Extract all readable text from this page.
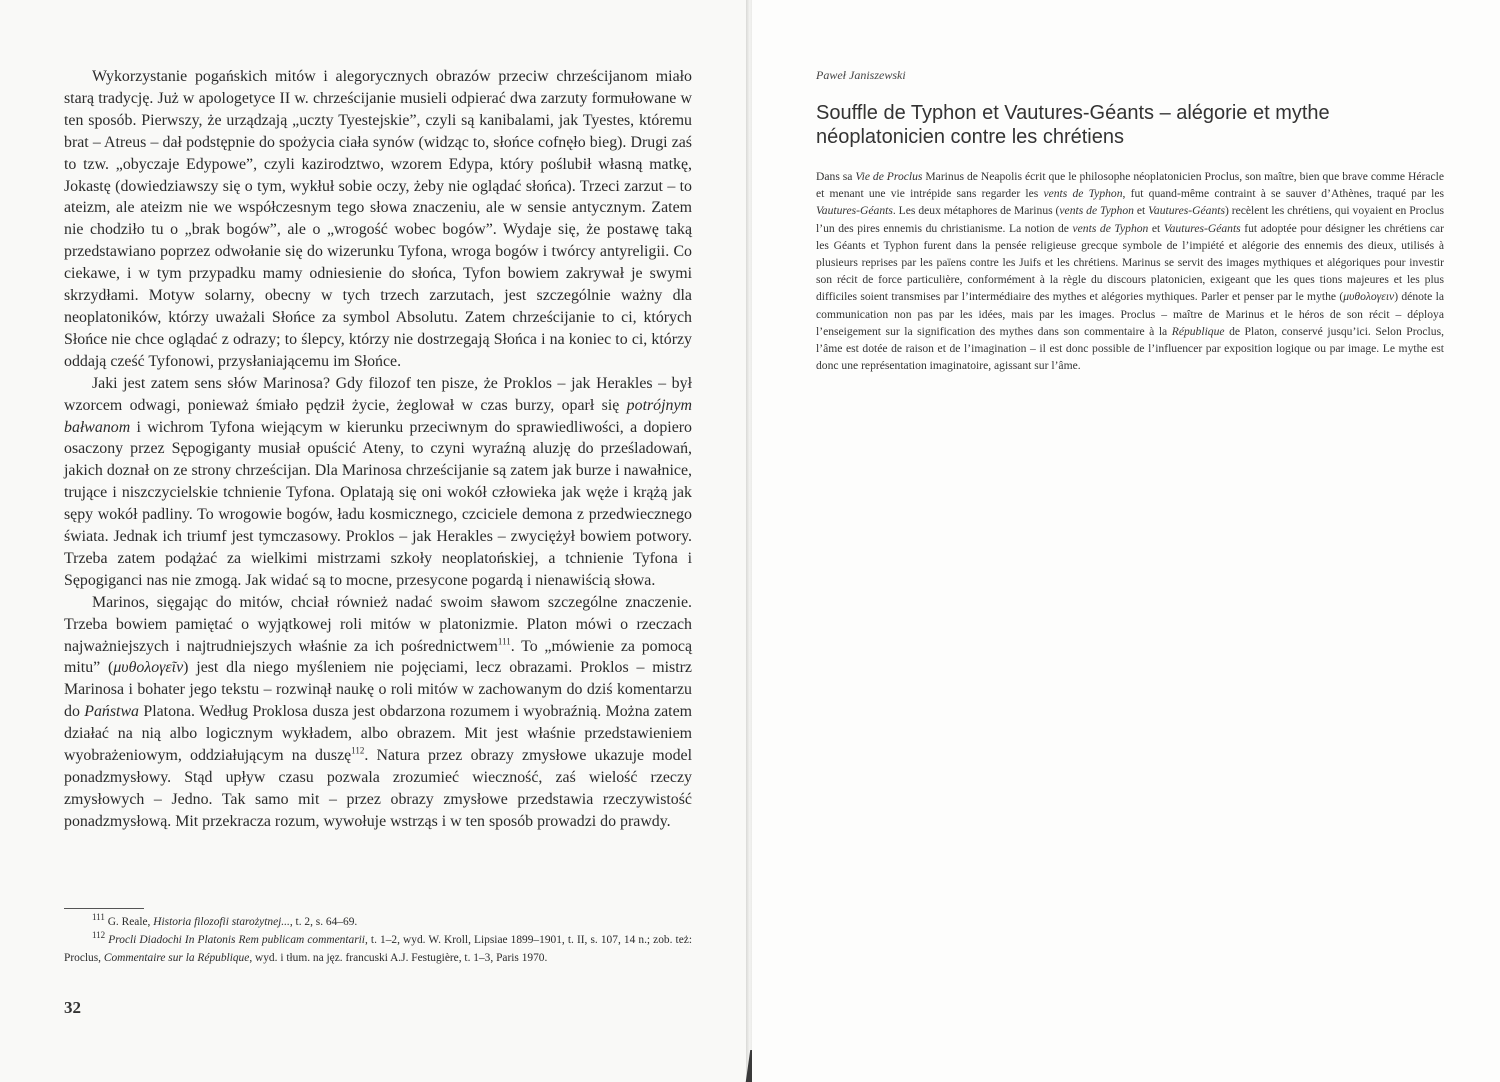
Wykorzystanie pogańskich mitów i alegorycznych obrazów przeciw chrześcijanom miało starą tradycję. Już w apologetyce II w. chrześcijanie musieli odpierać dwa zarzuty formułowane w ten sposób. Pierwszy, że urządzają „uczty Tyestejskie”, czyli są kanibalami, jak Tyestes, któremu brat – Atreus – dał podstępnie do spożycia ciała synów (widząc to, słońce cofnęło bieg). Drugi zaś to tzw. „obyczaje Edypowe”, czyli kazirodztwo, wzorem Edypa, który poślubił własną matkę, Jokastę (dowiedziawszy się o tym, wykłuł sobie oczy, żeby nie oglądać słońca). Trzeci zarzut – to ateizm, ale ateizm nie we współczesnym tego słowa znaczeniu, ale w sensie antycznym. Zatem nie chodziło tu o „brak bogów”, ale o „wrogość wobec bogów”. Wydaje się, że postawę taką przedstawiano poprzez odwołanie się do wizerunku Tyfona, wroga bogów i twórcy antyreligii. Co ciekawe, i w tym przypadku mamy odniesienie do słońca, Tyfon bowiem zakrywał je swymi skrzydłami. Motyw solarny, obecny w tych trzech zarzutach, jest szczególnie ważny dla neoplatoników, którzy uważali Słońce za symbol Absolutu. Zatem chrześcijanie to ci, których Słońce nie chce oglądać z odrazy; to ślepcy, którzy nie dostrzegają Słońca i na koniec to ci, którzy oddają cześć Tyfonowi, przysłaniającemu im Słońce.

Jaki jest zatem sens słów Marinosa? Gdy filozof ten pisze, że Proklos – jak Herakles – był wzorcem odwagi, ponieważ śmiało pędził życie, żeglował w czas burzy, oparł się potrójnym bałwanom i wichrom Tyfona wiejącym w kierunku przeciwnym do sprawiedliwości, a dopiero osaczony przez Sępogiganty musiał opuścić Ateny, to czyni wyraźną aluzję do prześladowań, jakich doznał on ze strony chrześcijan. Dla Marinosa chrześcijanie są zatem jak burze i nawałnice, trujące i niszczycielskie tchnienie Tyfona. Oplatają się oni wokół człowieka jak węże i krążą jak sępy wokół padliny. To wrogowie bogów, ładu kosmicznego, czciciele demona z przedwiecznego świata. Jednak ich triumf jest tymczasowy. Proklos – jak Herakles – zwyciężył bowiem potwory. Trzeba zatem podążać za wielkimi mistrzami szkoły neoplatońskiej, a tchnienie Tyfona i Sępogiganci nas nie zmogą. Jak widać są to mocne, przesycone pogardą i nienawiścią słowa.

Marinos, sięgając do mitów, chciał również nadać swoim sławom szczególne znaczenie. Trzeba bowiem pamiętać o wyjątkowej roli mitów w platonizmie. Platon mówi o rzeczach najważniejszych i najtrudniejszych właśnie za ich pośrednictwem$^{111}$. To „mówienie za pomocą mitu” (μυθολογεῖν) jest dla niego myśleniem nie pojęciami, lecz obrazami. Proklos – mistrz Marinosa i bohater jego tekstu – rozwinął naukę o roli mitów w zachowanym do dziś komentarzu do Państwa Platona. Według Proklosa dusza jest obdarzona rozumem i wyobraźnią. Można zatem działać na nią albo logicznym wykładem, albo obrazem. Mit jest właśnie przedstawieniem wyobrażeniowym, oddziałującym na duszę$^{112}$. Natura przez obrazy zmysłowe ukazuje model ponadzmysłowy. Stąd upływ czasu pozwala zrozumieć wieczność, zaś wielość rzeczy zmysłowych – Jedno. Tak samo mit – przez obrazy zmysłowe przedstawia rzeczywistość ponadzmysłową. Mit przekracza rozum, wywołuje wstrząs i w ten sposób prowadzi do prawdy.

$^{111}$ G. Reale, Historia filozofii starożytnej..., t. 2, s. 64–69.

$^{112}$ Procli Diadochi In Platonis Rem publicam commentarii, t. 1–2, wyd. W. Kroll, Lipsiae 1899–1901, t. II, s. 107, 14 n.; zob. też: Proclus, Commentaire sur la République, wyd. i tłum. na jęz. francuski A.J. Festugière, t. 1–3, Paris 1970.

32
Paweł Janiszewski
Souffle de Typhon et Vautures-Géants – alégorie et mythe néoplatonicien contre les chrétiens

Dans sa Vie de Proclus Marinus de Neapolis écrit que le philosophe néoplatonicien Proclus, son maître, bien que brave comme Héracle et menant une vie intrépide sans regarder les vents de Typhon, fut quand-même contraint à se sauver d’Athènes, traqué par les Vautures-Géants. Les deux métaphores de Marinus (vents de Typhon et Vautures-Géants) recèlent les chrétiens, qui voyaient en Proclus l’un des pires ennemis du christianisme. La notion de vents de Typhon et Vautures-Géants fut adoptée pour désigner les chrétiens car les Géants et Typhon furent dans la pensée religieuse grecque symbole de l’impiété et alégorie des ennemis des dieux, utilisés à plusieurs reprises par les païens contre les Juifs et les chrétiens. Marinus se servit des images mythiques et alégoriques pour investir son récit de force particulière, conformément à la règle du discours platonicien, exigeant que les ques tions majeures et les plus difficiles soient transmises par l’intermédiaire des mythes et alégories mythiques. Parler et penser par le mythe (μυθολογειν) dénote la communication non pas par les idées, mais par les images. Proclus – maître de Marinus et le héros de son récit – déploya l’enseigement sur la signification des mythes dans son commentaire à la République de Platon, conservé jusqu’ici. Selon Proclus, l’âme est dotée de raison et de l’imagination – il est donc possible de l’influencer par exposition logique ou par image. Le mythe est donc une représentation imaginatoire, agissant sur l’âme.
